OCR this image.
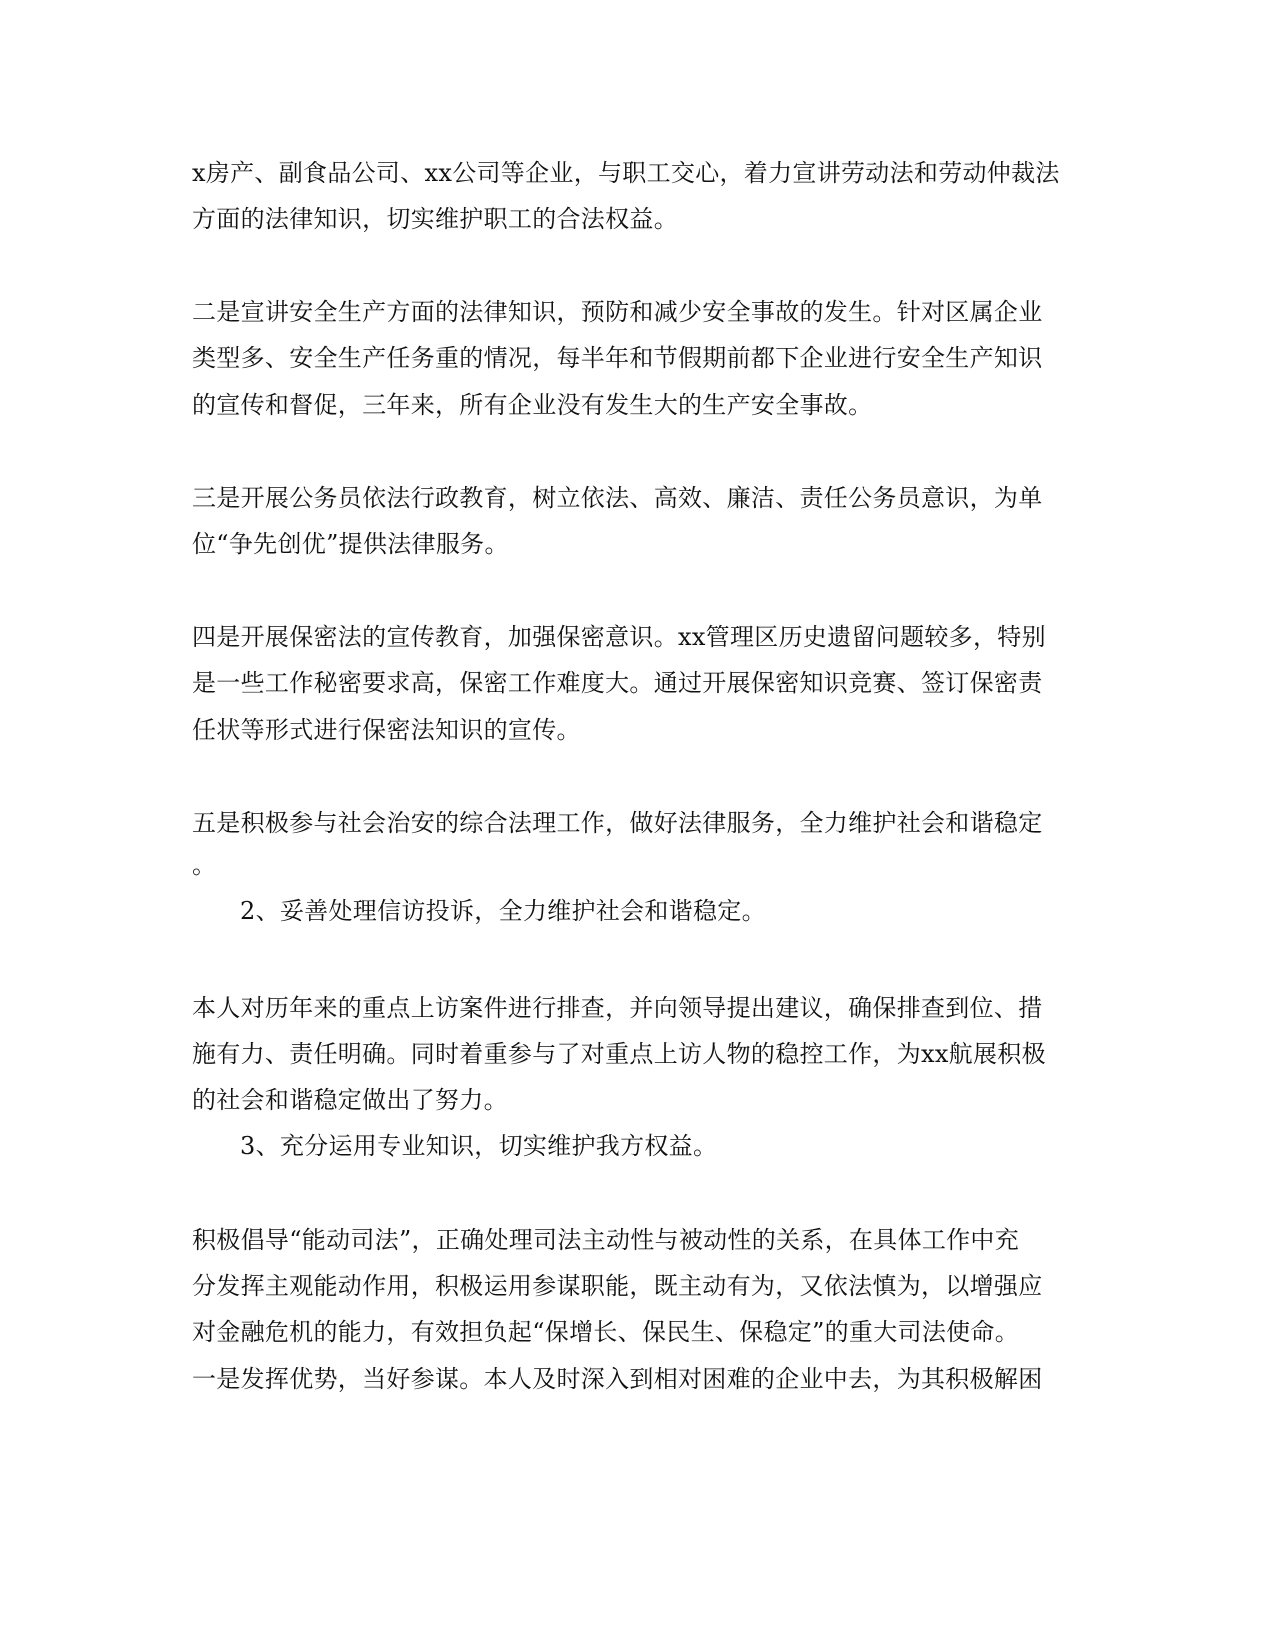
x房产、副食品公司、xx公司等企业，与职工交心，着力宣讲劳动法和劳动仲裁法
方面的法律知识，切实维护职工的合法权益。
二是宣讲安全生产方面的法律知识，预防和减少安全事故的发生。针对区属企业
类型多、安全生产任务重的情况，每半年和节假期前都下企业进行安全生产知识
的宣传和督促，三年来，所有企业没有发生大的生产安全事故。
三是开展公务员依法行政教育，树立依法、高效、廉洁、责任公务员意识，为单
位“争先创优”提供法律服务。
四是开展保密法的宣传教育，加强保密意识。xx管理区历史遗留问题较多，特别
是一些工作秘密要求高，保密工作难度大。通过开展保密知识竞赛、签订保密责
任状等形式进行保密法知识的宣传。
五是积极参与社会治安的综合法理工作，做好法律服务，全力维护社会和谐稳定
。
2、妥善处理信访投诉，全力维护社会和谐稳定。
本人对历年来的重点上访案件进行排查，并向领导提出建议，确保排查到位、措
施有力、责任明确。同时着重参与了对重点上访人物的稳控工作，为xx航展积极
的社会和谐稳定做出了努力。
3、充分运用专业知识，切实维护我方权益。
积极倡导“能动司法”，正确处理司法主动性与被动性的关系，在具体工作中充
分发挥主观能动作用，积极运用参谋职能，既主动有为，又依法慎为，以增强应
对金融危机的能力，有效担负起“保增长、保民生、保稳定”的重大司法使命。
一是发挥优势，当好参谋。本人及时深入到相对困难的企业中去，为其积极解困
